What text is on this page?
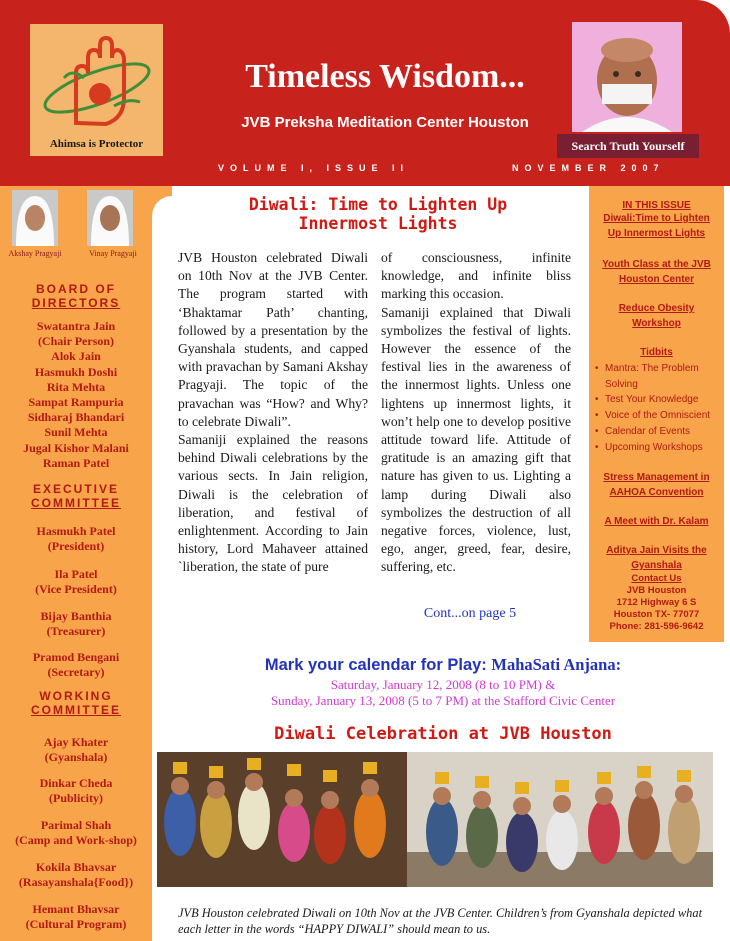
Ahimsa is Protector
Timeless Wisdom...
JVB Preksha Meditation Center Houston
Search Truth Yourself
VOLUME I, ISSUE II	NOVEMBER 2007
Akshay Pragyaji	Vinay Pragyaji
BOARD OF
DIRECTORS
Swatantra Jain
(Chair Person)
Alok Jain
Hasmukh Doshi
Rita Mehta
Sampat Rampuria
Sidharaj Bhandari
Sunil Mehta
Jugal Kishor Malani
Raman Patel
EXECUTIVE
COMMITTEE
Hasmukh Patel
(President)
Ila Patel
(Vice President)
Bijay Banthia
(Treasurer)
Pramod Bengani
(Secretary)
WORKING
COMMITTEE
Ajay Khater
(Gyanshala)
Dinkar Cheda
(Publicity)
Parimal Shah
(Camp and Work-shop)
Kokila Bhavsar
(Rasayanshala{Food})
Hemant Bhavsar
(Cultural Program)
IN THIS ISSUE
Diwali:Time to Lighten
Up Innermost Lights
Youth Class at the JVB
Houston Center
Reduce Obesity
Workshop
Tidbits
• Mantra: The Problem Solving
• Test Your Knowledge
• Voice of the Omniscient
• Calendar of Events
• Upcoming Workshops
Stress Management in
AAHOA Convention
A Meet with Dr. Kalam
Aditya Jain Visits the
Gyanshala
Contact Us
JVB Houston
1712 Highway 6 S
Houston TX- 77077
Phone: 281-596-9642
Diwali: Time to Lighten Up
Innermost Lights

JVB Houston celebrated Diwali on 10th Nov at the JVB Center. The program started with ‘Bhaktamar Path’ chanting, followed by a presentation by the Gyanshala students, and capped with pravachan by Samani Akshay Pragyaji. The topic of the pravachan was “How? and Why? to celebrate Diwali”.

Samaniji explained the reasons behind Diwali celebrations by the various sects. In Jain religion, Diwali is the celebration of liberation, and festival of enlightenment. According to Jain history, Lord Mahaveer attained `liberation, the state of pure

of consciousness, infinite knowledge, and infinite bliss marking this occasion.

Samaniji explained that Diwali symbolizes the festival of lights. However the essence of the festival lies in the awareness of the innermost lights. Unless one lightens up innermost lights, it won’t help one to develop positive attitude toward life. Attitude of gratitude is an amazing gift that nature has given to us. Lighting a lamp during Diwali also symbolizes the destruction of all negative forces, violence, lust, ego, anger, greed, fear, desire, suffering, etc.

Cont...on page 5
Mark your calendar for Play: MahaSati Anjana:
Saturday, January 12, 2008 (8 to 10 PM) &
Sunday, January 13, 2008 (5 to 7 PM) at the Stafford Civic Center
Diwali Celebration at JVB Houston
JVB Houston celebrated Diwali on 10th Nov at the JVB Center. Children’s from Gyanshala depicted what each letter in the words “HAPPY DIWALI” should mean to us.
